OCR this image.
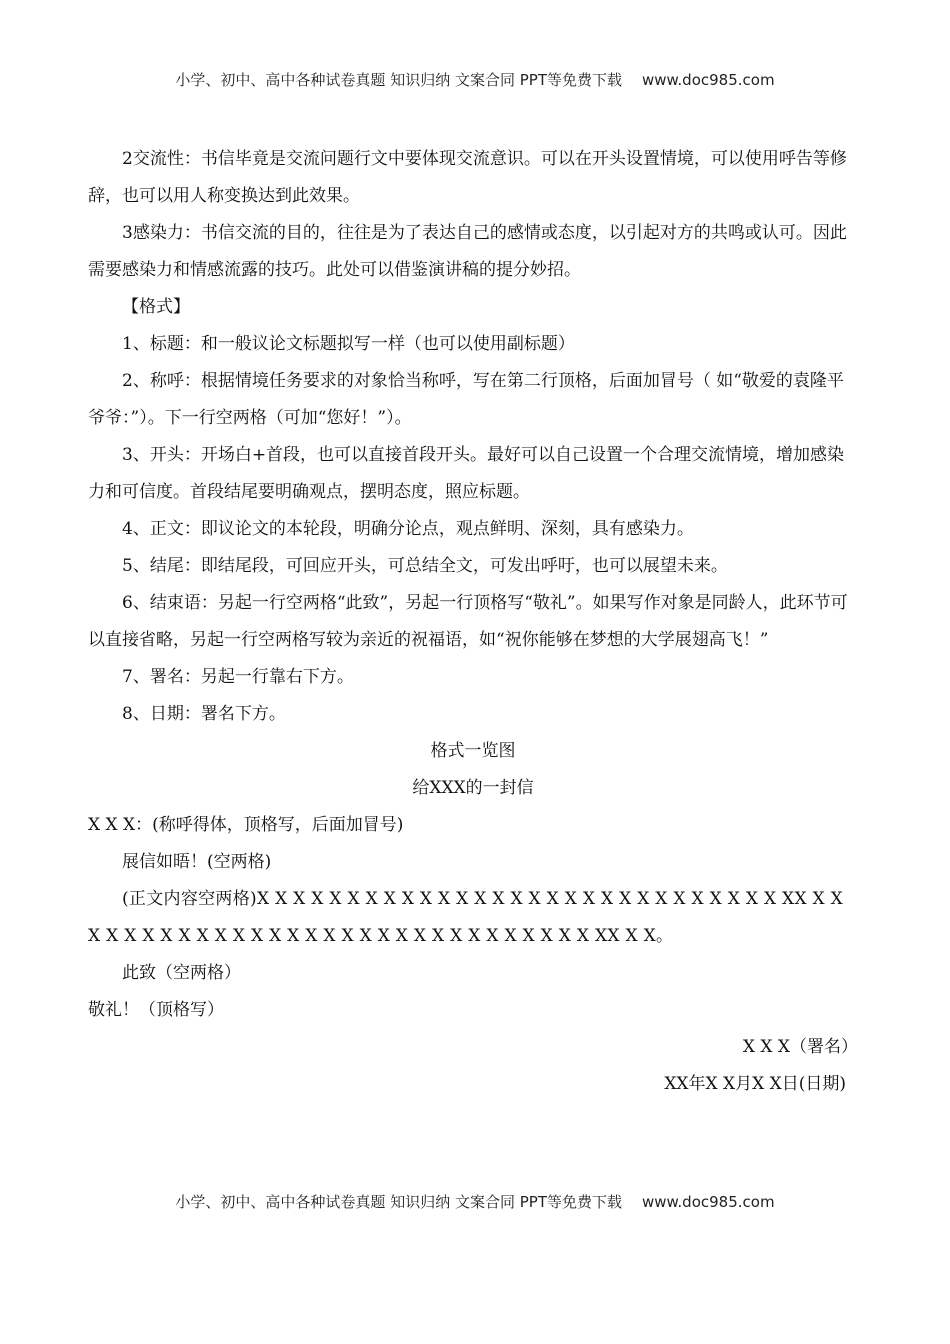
小学、初中、高中各种试卷真题 知识归纳 文案合同 PPT等免费下载 www.doc985.com

2交流性：书信毕竟是交流问题行文中要体现交流意识。可以在开头设置情境，可以使用呼告等修辞，也可以用人称变换达到此效果。

3感染力：书信交流的目的，往往是为了表达自己的感情或态度，以引起对方的共鸣或认可。因此需要感染力和情感流露的技巧。此处可以借鉴演讲稿的提分妙招。

【格式】

1、标题：和一般议论文标题拟写一样（也可以使用副标题）

2、称呼：根据情境任务要求的对象恰当称呼，写在第二行顶格，后面加冒号（ 如“敬爱的袁隆平爷爷：”）。下一行空两格（可加“您好！”）。

3、开头：开场白+首段，也可以直接首段开头。最好可以自己设置一个合理交流情境，增加感染力和可信度。首段结尾要明确观点，摆明态度，照应标题。

4、正文：即议论文的本轮段，明确分论点，观点鲜明、深刻，具有感染力。

5、结尾：即结尾段，可回应开头，可总结全文，可发出呼吁，也可以展望未来。

6、结束语：另起一行空两格“此致”，另起一行顶格写“敬礼”。如果写作对象是同龄人，此环节可以直接省略，另起一行空两格写较为亲近的祝福语，如“祝你能够在梦想的大学展翅高飞！”

7、署名：另起一行靠右下方。

8、日期：署名下方。

格式一览图

给XXX的一封信

X X X：(称呼得体，顶格写，后面加冒号)

展信如晤！(空两格)

(正文内容空两格)X X X X X X X X X X X X X X X X X X X X X X X X X X X X X XX X X X X X X X X X X X X X X X X X X X X X X X X X X X X X X XX X X。

此致（空两格）

敬礼！（顶格写）

X X X（署名）

XX年X X月X X日(日期)

小学、初中、高中各种试卷真题 知识归纳 文案合同 PPT等免费下载 www.doc985.com
